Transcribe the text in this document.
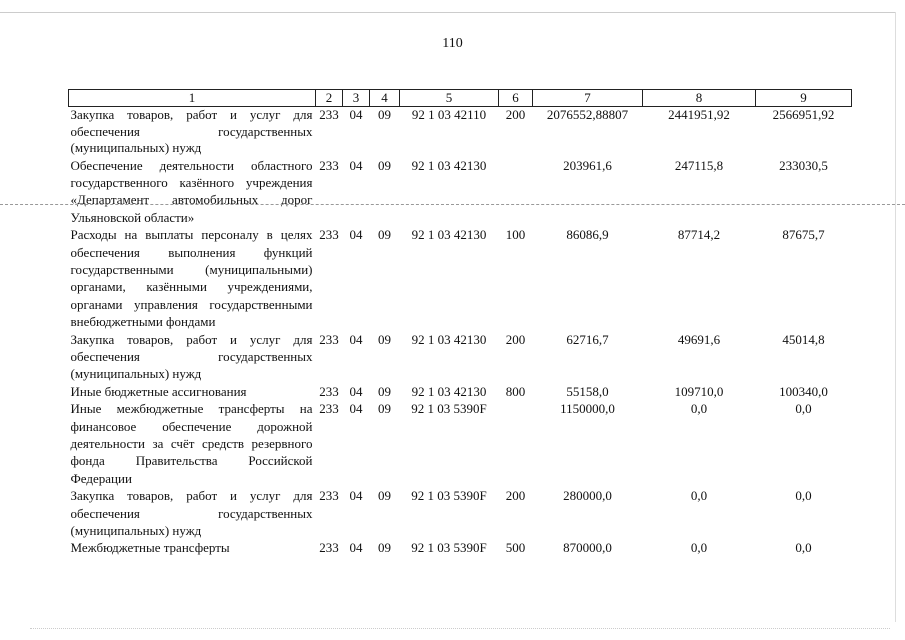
110
1	2	3	4	5	6	7	8	9
Закупка товаров, работ и услуг для обеспечения государственных (муниципальных) нужд	233	04	09	92 1 03 42110	200	2076552,88807	2441951,92	2566951,92
Обеспечение деятельности областного государственного казённого учреждения «Департамент автомобильных дорог Ульяновской области»	233	04	09	92 1 03 42130		203961,6	247115,8	233030,5
Расходы на выплаты персоналу в целях обеспечения выполнения функций государственными (муниципальными) органами, казёнными учреждениями, органами управления государственными внебюджетными фондами	233	04	09	92 1 03 42130	100	86086,9	87714,2	87675,7
Закупка товаров, работ и услуг для обеспечения государственных (муниципальных) нужд	233	04	09	92 1 03 42130	200	62716,7	49691,6	45014,8
Иные бюджетные ассигнования	233	04	09	92 1 03 42130	800	55158,0	109710,0	100340,0
Иные межбюджетные трансферты на финансовое обеспечение дорожной деятельности за счёт средств резервного фонда Правительства Российской Федерации	233	04	09	92 1 03 5390F		1150000,0	0,0	0,0
Закупка товаров, работ и услуг для обеспечения государственных (муниципальных) нужд	233	04	09	92 1 03 5390F	200	280000,0	0,0	0,0
Межбюджетные трансферты	233	04	09	92 1 03 5390F	500	870000,0	0,0	0,0
